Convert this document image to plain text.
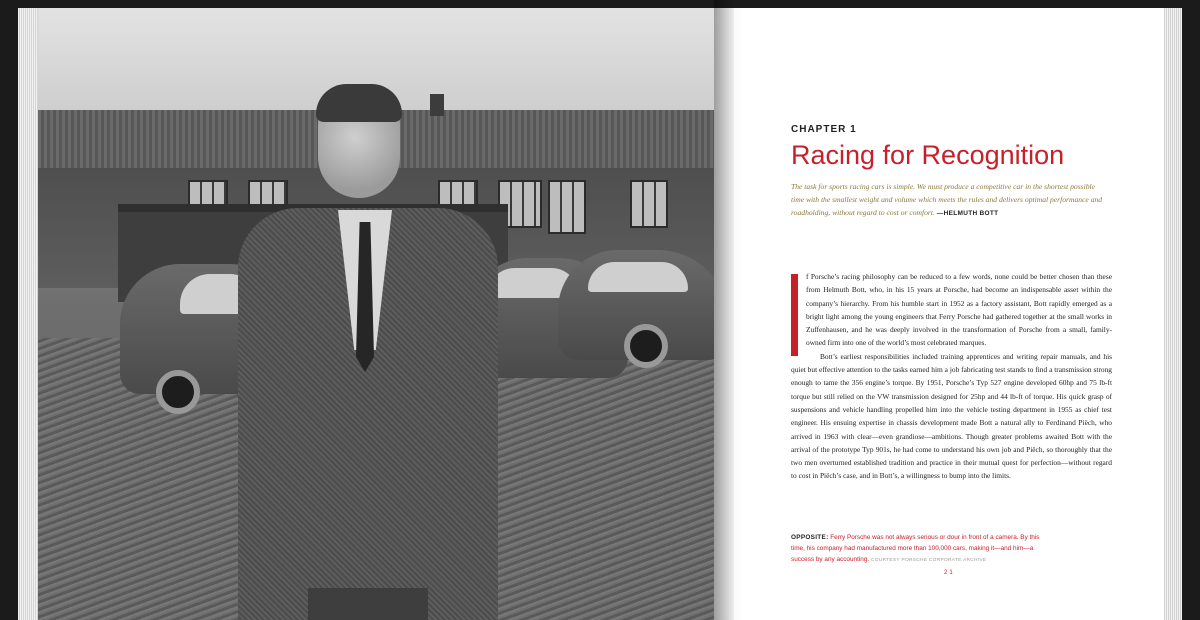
CHAPTER 1
Racing for Recognition
The task for sports racing cars is simple. We must produce a competitive car in the shortest possible time with the smallest weight and volume which meets the rules and delivers optimal performance and roadholding, without regard to cost or comfort. —HELMUTH BOTT

f Porsche’s racing philosophy can be reduced to a few words, none could be better chosen than these from Helmuth Bott, who, in his 15 years at Porsche, had become an indispensable asset within the company’s hierarchy. From his humble start in 1952 as a factory assistant, Bott rapidly emerged as a bright light among the young engineers that Ferry Porsche had gathered together at the small works in Zuffenhausen, and he was deeply involved in the transformation of Porsche from a small, family-owned firm into one of the world’s most celebrated marques.

Bott’s earliest responsibilities included training apprentices and writing repair manuals, and his quiet but effective attention to the tasks earned him a job fabricating test stands to find a transmission strong enough to tame the 356 engine’s torque. By 1951, Porsche’s Typ 527 engine developed 60hp and 75 lb-ft torque but still relied on the VW transmission designed for 25hp and 44 lb-ft of torque. His quick grasp of suspensions and vehicle handling propelled him into the vehicle testing department in 1955 as chief test engineer. His ensuing expertise in chassis development made Bott a natural ally to Ferdinand Piëch, who arrived in 1963 with clear—even grandiose—ambitions. Though greater problems awaited Bott with the arrival of the prototype Typ 901s, he had come to understand his own job and Piëch, so thoroughly that the two men overturned established tradition and practice in their mutual quest for perfection—without regard to cost in Piëch’s case, and in Bott’s, a willingness to bump into the limits.

OPPOSITE: Ferry Porsche was not always serious or dour in front of a camera. By this time, his company had manufactured more than 100,000 cars, making it—and him—a success by any accounting. COURTESY PORSCHE CORPORATE ARCHIVE
21
